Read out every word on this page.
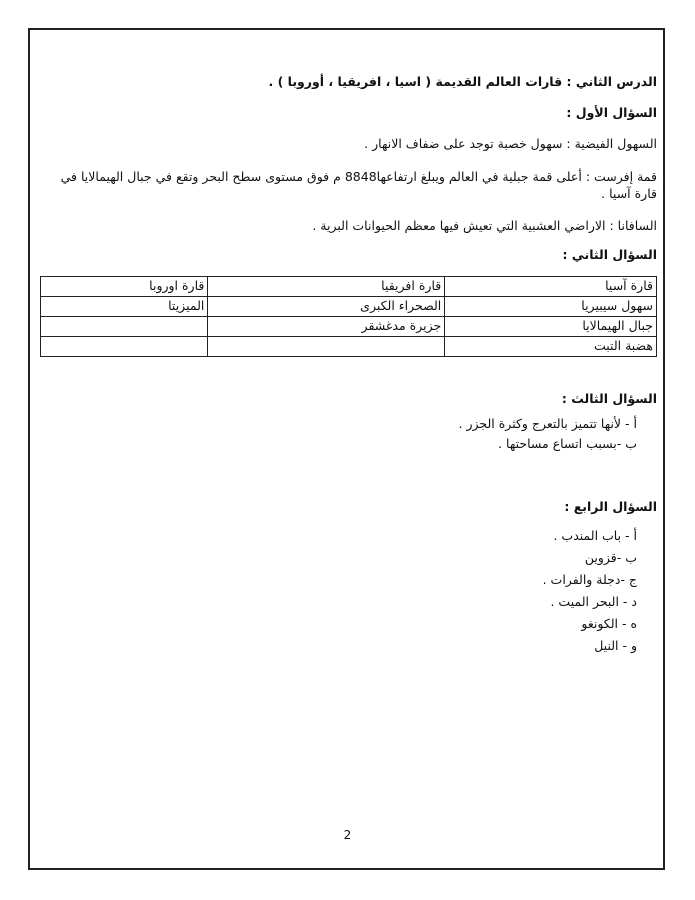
الدرس الثاني : قارات العالم القديمة ( اسيا ، افريقيا ، أوروبا ) .

السؤال الأول :

السهول الفيضية : سهول خصبة توجد على ضفاف الانهار .

قمة إفرست : أعلى قمة جبلية في العالم ويبلغ ارتفاعها8848 م فوق مستوى سطح البحر وتقع في جبال الهيمالايا في قارة آسيا .

السافانا : الاراضي العشبية التي تعيش فيها معظم الحيوانات البرية .

السؤال الثاني :

قارة آسيا	قارة افريقيا	قارة اوروبا
سهول سيبيريا	الصحراء الكبرى	الميزيتا
جبال الهيمالايا	جزيرة مدغشقر	
هضبة التبت		

السؤال الثالث :

أ - لأنها تتميز بالتعرج وكثرة الجزر .

ب -بسبب اتساع مساحتها .

السؤال الرابع :

أ - باب المندب .

ب -قزوين

ج -دجلة والفرات .

د - البحر الميت .

ه - الكونغو

و - النيل

2
